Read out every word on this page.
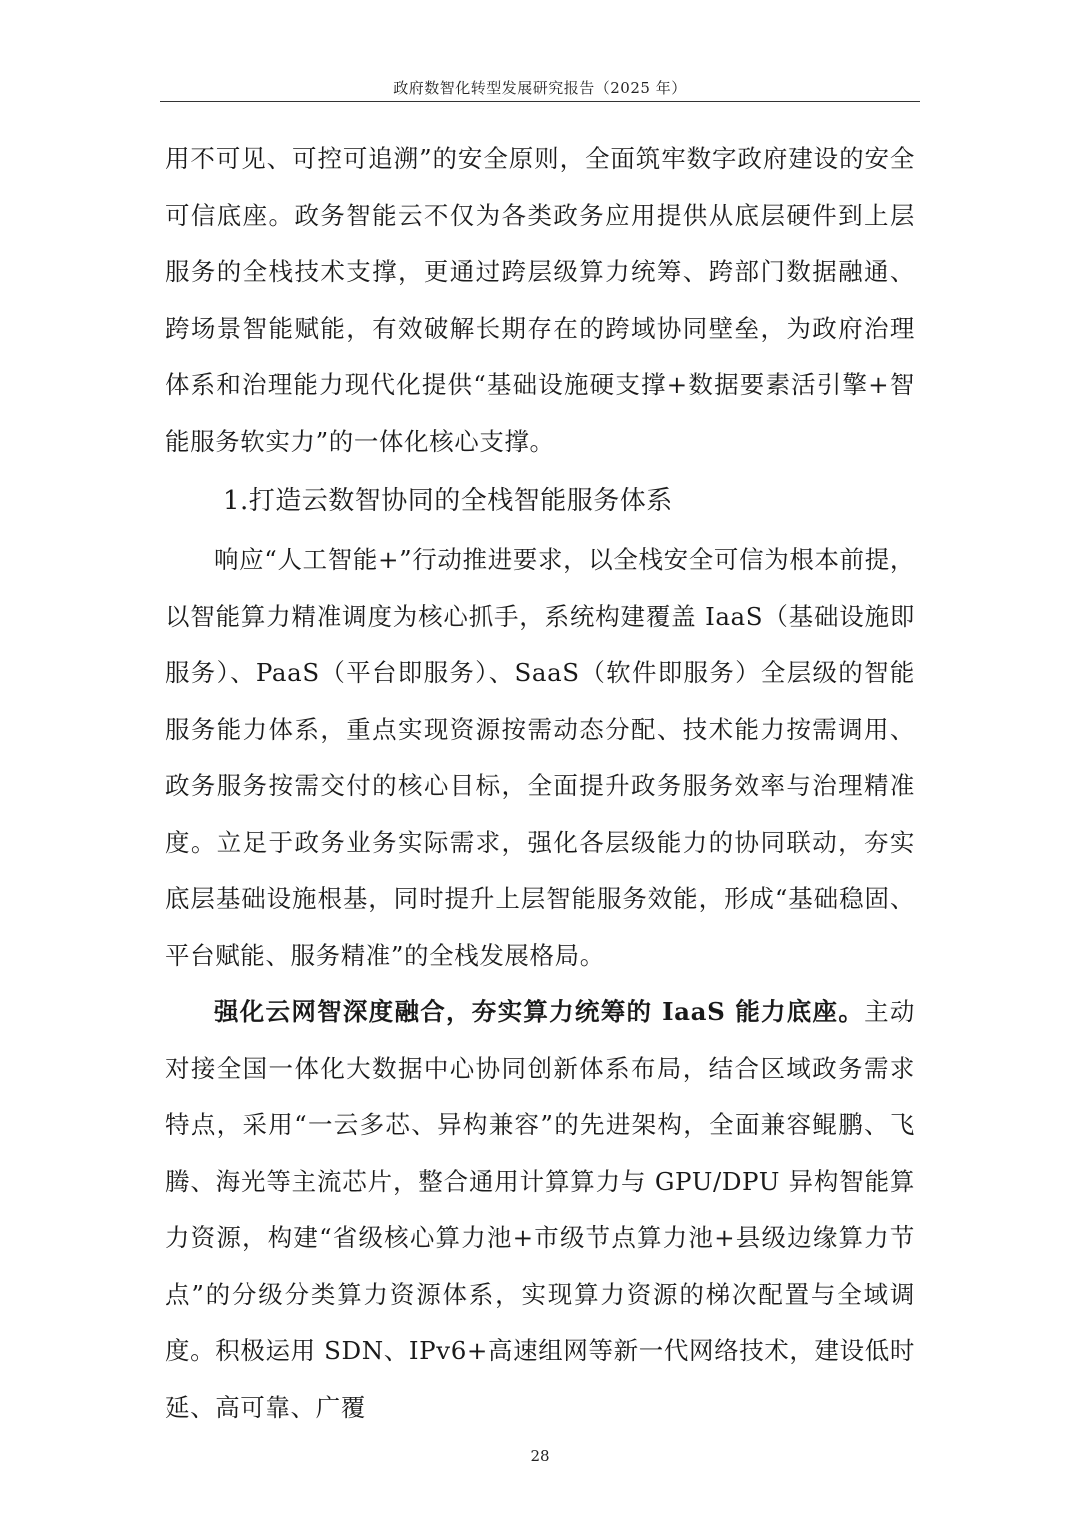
政府数智化转型发展研究报告（2025 年）

用不可见、可控可追溯”的安全原则，全面筑牢数字政府建设的安全可信底座。政务智能云不仅为各类政务应用提供从底层硬件到上层服务的全栈技术支撑，更通过跨层级算力统筹、跨部门数据融通、跨场景智能赋能，有效破解长期存在的跨域协同壁垒，为政府治理体系和治理能力现代化提供“基础设施硬支撑+数据要素活引擎+智能服务软实力”的一体化核心支撑。

1.打造云数智协同的全栈智能服务体系

响应“人工智能+”行动推进要求，以全栈安全可信为根本前提，以智能算力精准调度为核心抓手，系统构建覆盖 IaaS（基础设施即服务）、PaaS（平台即服务）、SaaS（软件即服务）全层级的智能服务能力体系，重点实现资源按需动态分配、技术能力按需调用、政务服务按需交付的核心目标，全面提升政务服务效率与治理精准度。立足于政务业务实际需求，强化各层级能力的协同联动，夯实底层基础设施根基，同时提升上层智能服务效能，形成“基础稳固、平台赋能、服务精准”的全栈发展格局。

强化云网智深度融合，夯实算力统筹的 IaaS 能力底座。主动对接全国一体化大数据中心协同创新体系布局，结合区域政务需求特点，采用“一云多芯、异构兼容”的先进架构，全面兼容鲲鹏、飞腾、海光等主流芯片，整合通用计算算力与 GPU/DPU 异构智能算力资源，构建“省级核心算力池+市级节点算力池+县级边缘算力节点”的分级分类算力资源体系，实现算力资源的梯次配置与全域调度。积极运用 SDN、IPv6+高速组网等新一代网络技术，建设低时延、高可靠、广覆

28
